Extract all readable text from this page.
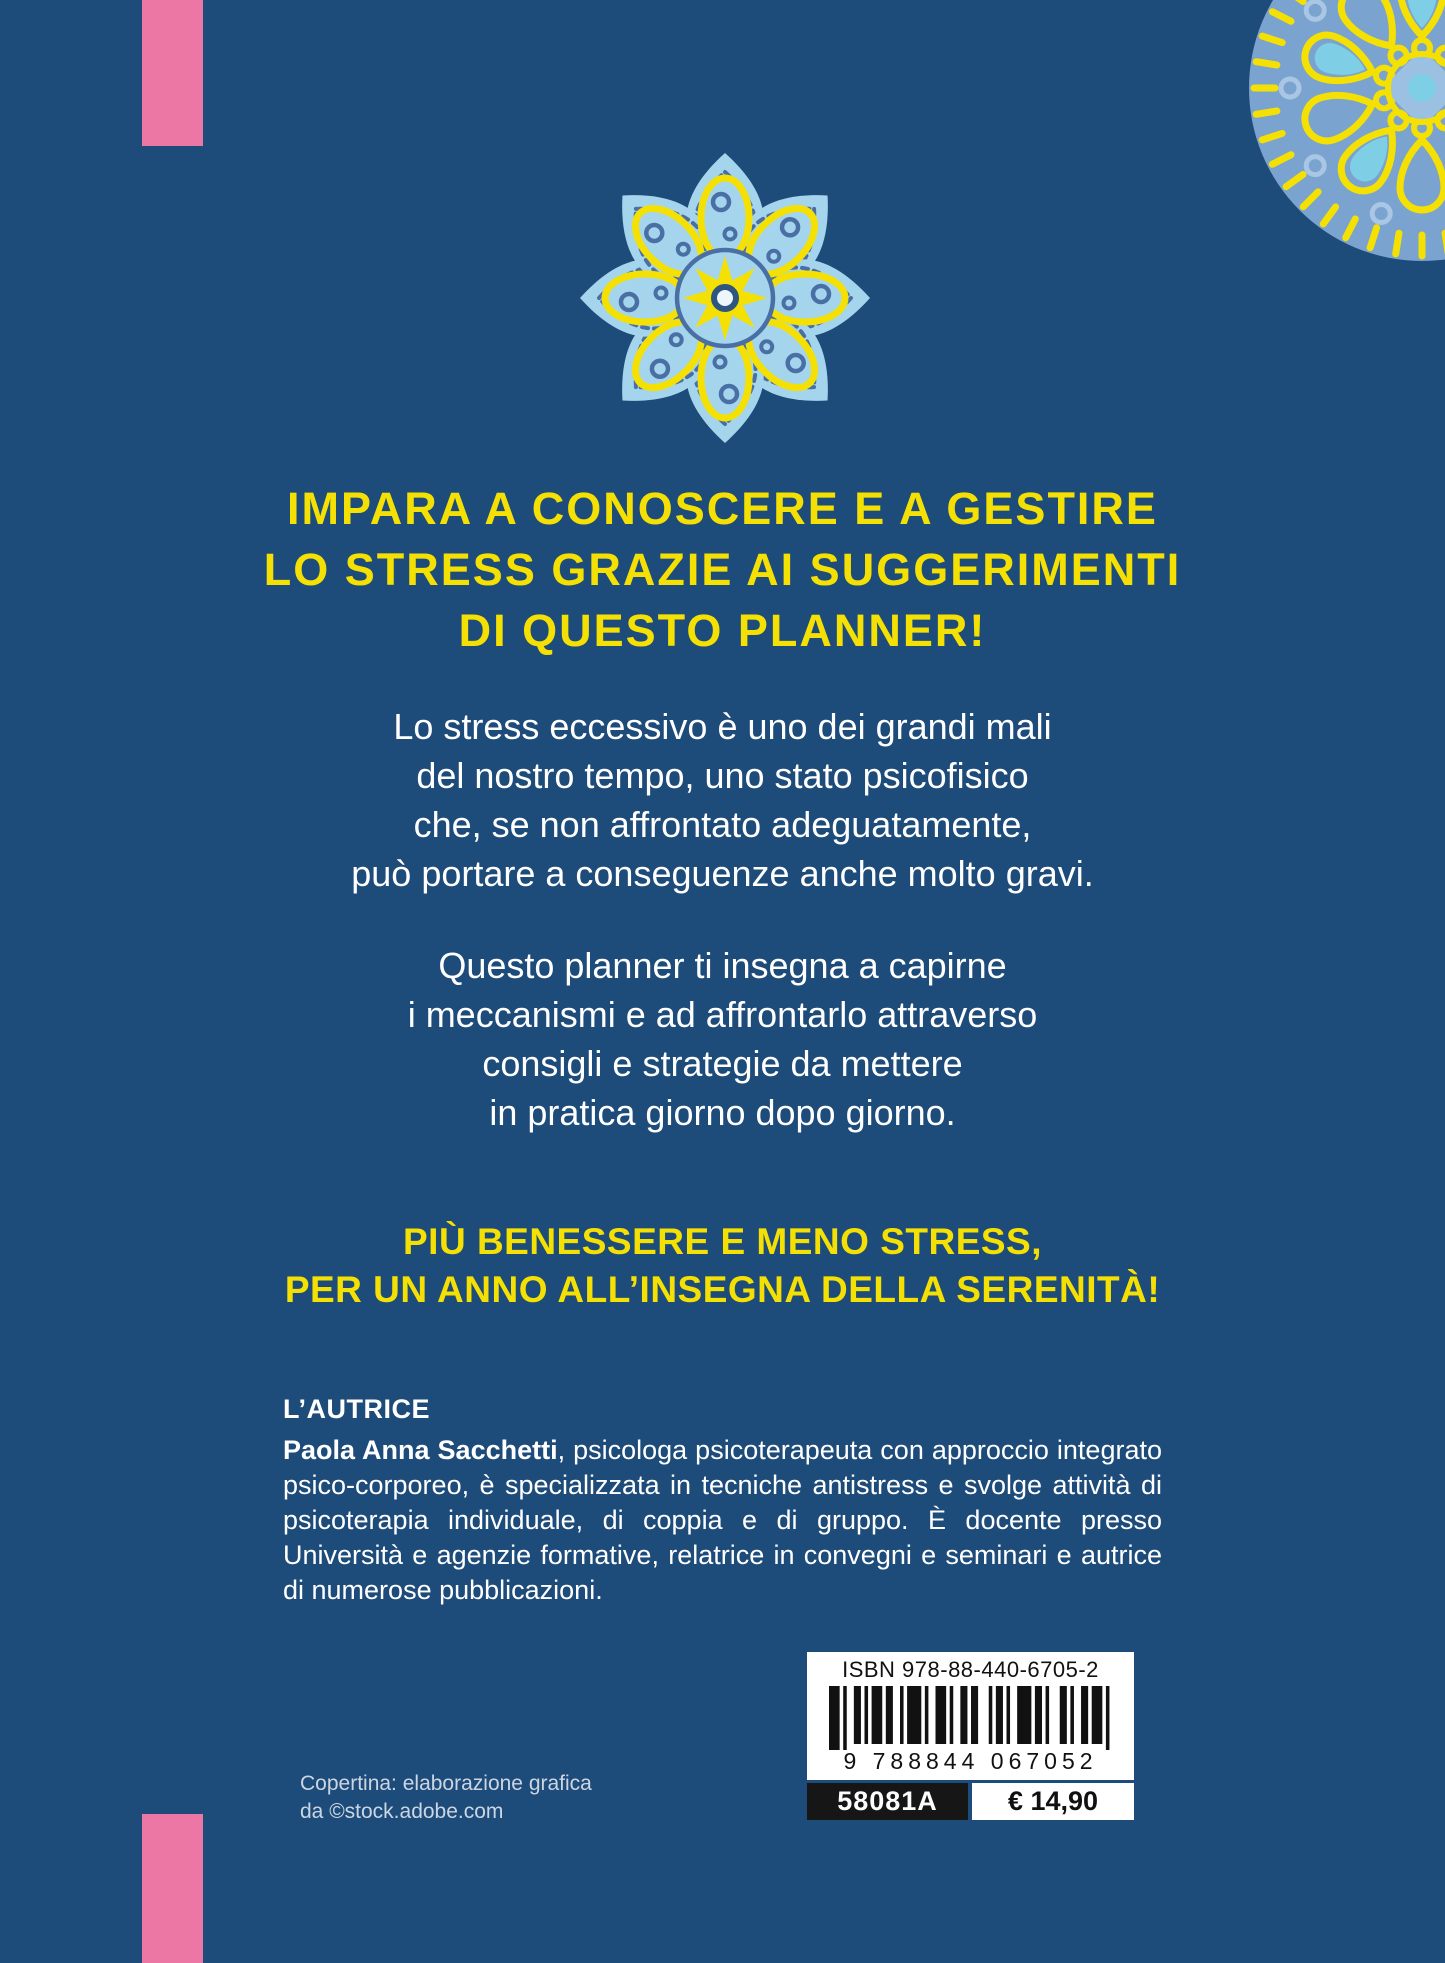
IMPARA A CONOSCERE E A GESTIRE
LO STRESS GRAZIE AI SUGGERIMENTI
DI QUESTO PLANNER!
Lo stress eccessivo è uno dei grandi mali
del nostro tempo, uno stato psicofisico
che, se non affrontato adeguatamente,
può portare a conseguenze anche molto gravi.
Questo planner ti insegna a capirne
i meccanismi e ad affrontarlo attraverso
consigli e strategie da mettere
in pratica giorno dopo giorno.
PIÙ BENESSERE E MENO STRESS,
PER UN ANNO ALL’INSEGNA DELLA SERENITÀ!
L’AUTRICE

Paola Anna Sacchetti, psicologa psicoterapeuta con approccio integrato psico-corporeo, è specializzata in tecniche antistress e svolge attività di psicoterapia individuale, di coppia e di gruppo. È docente presso Università e agenzie formative, relatrice in convegni e seminari e autrice di numerose pubblicazioni.

ISBN 978-88-440-6705-2
9 788844 067052
58081A	€ 14,90
Copertina: elaborazione grafica
da ©stock.adobe.com
